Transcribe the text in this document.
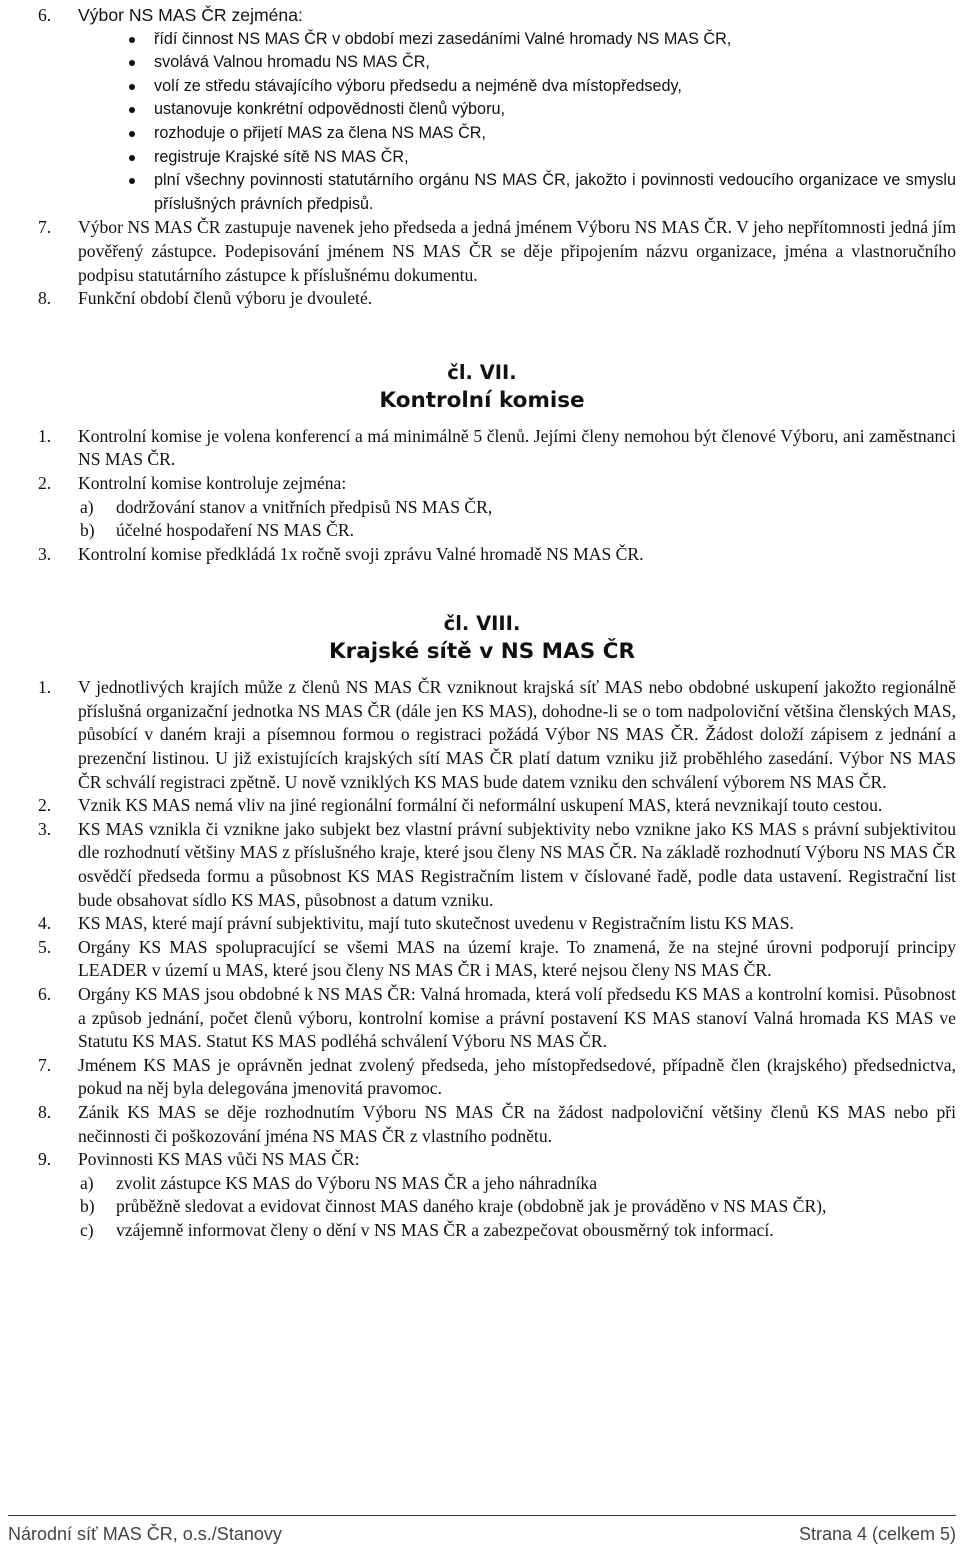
6.	Výbor NS MAS ČR zejména:
řídí činnost NS MAS ČR v období mezi zasedáními Valné hromady NS MAS ČR,
svolává Valnou hromadu NS MAS ČR,
volí ze středu stávajícího výboru předsedu a nejméně dva místopředsedy,
ustanovuje konkrétní odpovědnosti členů výboru,
rozhoduje o přijetí MAS za člena NS MAS ČR,
registruje Krajské sítě NS MAS ČR,
plní všechny povinnosti statutárního orgánu NS MAS ČR, jakožto i povinnosti vedoucího organizace ve smyslu příslušných právních předpisů.
7.	Výbor NS MAS ČR zastupuje navenek jeho předseda a jedná jménem Výboru NS MAS ČR. V jeho nepřítomnosti jedná jím pověřený zástupce. Podepisování jménem NS MAS ČR se děje připojením názvu organizace, jména a vlastnoručního podpisu statutárního zástupce k příslušnému dokumentu.
8.	Funkční období členů výboru je dvouleté.
čl. VII.
Kontrolní komise
1.	Kontrolní komise je volena konferencí a má minimálně 5 členů. Jejími členy nemohou být členové Výboru, ani zaměstnanci NS MAS ČR.
2.	Kontrolní komise kontroluje zejména:
a)	dodržování stanov a vnitřních předpisů NS MAS ČR,
b)	účelné hospodaření NS MAS ČR.
3.	Kontrolní komise předkládá 1x ročně svoji zprávu Valné hromadě NS MAS ČR.
čl. VIII.
Krajské sítě v NS MAS ČR
1.	V jednotlivých krajích může z členů NS MAS ČR vzniknout krajská síť MAS nebo obdobné uskupení jakožto regionálně příslušná organizační jednotka NS MAS ČR (dále jen KS MAS), dohodne-li se o tom nadpoloviční většina členských MAS, působící v daném kraji a písemnou formou o registraci požádá Výbor NS MAS ČR. Žádost doloží zápisem z jednání a prezenční listinou. U již existujících krajských sítí MAS ČR platí datum vzniku již proběhlého zasedání. Výbor NS MAS ČR schválí registraci zpětně. U nově vzniklých KS MAS bude datem vzniku den schválení výborem NS MAS ČR.
2.	Vznik KS MAS nemá vliv na jiné regionální formální či neformální uskupení MAS, která nevznikají touto cestou.
3.	KS MAS vznikla či vznikne jako subjekt bez vlastní právní subjektivity nebo vznikne jako KS MAS s právní subjektivitou dle rozhodnutí většiny MAS z příslušného kraje, které jsou členy NS MAS ČR. Na základě rozhodnutí Výboru NS MAS ČR osvědčí předseda formu a působnost KS MAS Registračním listem v číslované řadě, podle data ustavení. Registrační list bude obsahovat sídlo KS MAS, působnost a datum vzniku.
4.	KS MAS, které mají právní subjektivitu, mají tuto skutečnost uvedenu v Registračním listu KS MAS.
5.	Orgány KS MAS spolupracující se všemi MAS na území kraje. To znamená, že na stejné úrovni podporují principy LEADER v území u MAS, které jsou členy NS MAS ČR i MAS, které nejsou členy NS MAS ČR.
6.	Orgány KS MAS jsou obdobné k NS MAS ČR: Valná hromada, která volí předsedu KS MAS a kontrolní komisi. Působnost a způsob jednání, počet členů výboru, kontrolní komise a právní postavení KS MAS stanoví Valná hromada KS MAS ve Statutu KS MAS. Statut KS MAS podléhá schválení Výboru NS MAS ČR.
7.	Jménem KS MAS je oprávněn jednat zvolený předseda, jeho místopředsedové, případně člen (krajského) předsednictva, pokud na něj byla delegována jmenovitá pravomoc.
8.	Zánik KS MAS se děje rozhodnutím Výboru NS MAS ČR na žádost nadpoloviční většiny členů KS MAS nebo při nečinnosti či poškozování jména NS MAS ČR z vlastního podnětu.
9.	Povinnosti KS MAS vůči NS MAS ČR:
a)	zvolit zástupce KS MAS do Výboru NS MAS ČR a jeho náhradníka
b)	průběžně sledovat a evidovat činnost MAS daného kraje (obdobně jak je prováděno v NS MAS ČR),
c)	vzájemně informovat členy o dění v NS MAS ČR a zabezpečovat obousměrný tok informací.
Národní síť MAS ČR, o.s./Stanovy	Strana 4 (celkem 5)
